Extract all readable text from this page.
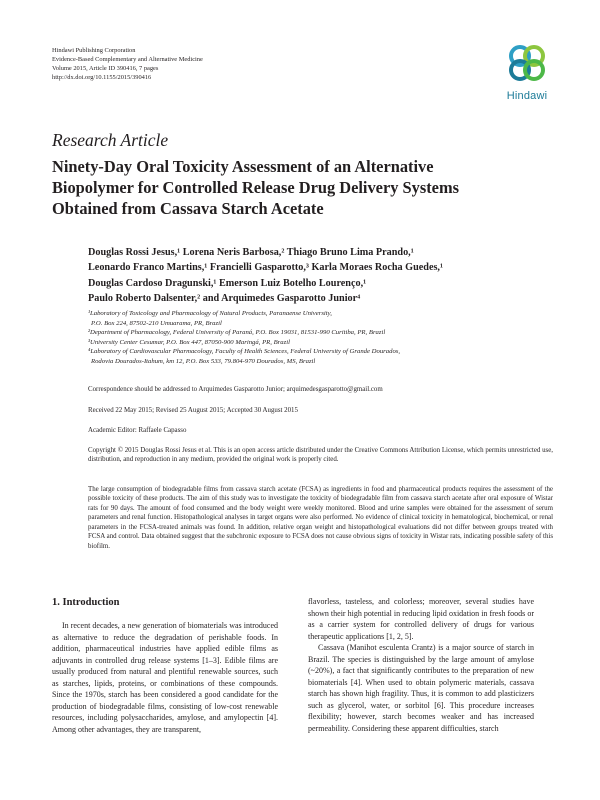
Hindawi Publishing Corporation
Evidence-Based Complementary and Alternative Medicine
Volume 2015, Article ID 390416, 7 pages
http://dx.doi.org/10.1155/2015/390416
Hindawi
Research Article
Ninety-Day Oral Toxicity Assessment of an Alternative
Biopolymer for Controlled Release Drug Delivery Systems
Obtained from Cassava Starch Acetate
Douglas Rossi Jesus,¹ Lorena Neris Barbosa,² Thiago Bruno Lima Prando,¹
Leonardo Franco Martins,¹ Francielli Gasparotto,³ Karla Moraes Rocha Guedes,¹
Douglas Cardoso Dragunski,¹ Emerson Luiz Botelho Lourenço,¹
Paulo Roberto Dalsenter,² and Arquimedes Gasparotto Junior⁴
¹Laboratory of Toxicology and Pharmacology of Natural Products, Paranaense University,
P.O. Box 224, 87502-210 Umuarama, PR, Brazil
²Department of Pharmacology, Federal University of Paraná, P.O. Box 19031, 81531-990 Curitiba, PR, Brazil
³University Center Cesumar, P.O. Box 447, 87050-900 Maringá, PR, Brazil
⁴Laboratory of Cardiovascular Pharmacology, Faculty of Health Sciences, Federal University of Grande Dourados,
Rodovia Dourados-Itahum, km 12, P.O. Box 533, 79.804-970 Dourados, MS, Brazil
Correspondence should be addressed to Arquimedes Gasparotto Junior; arquimedesgasparotto@gmail.com
Received 22 May 2015; Revised 25 August 2015; Accepted 30 August 2015
Academic Editor: Raffaele Capasso
Copyright © 2015 Douglas Rossi Jesus et al. This is an open access article distributed under the Creative Commons Attribution License, which permits unrestricted use, distribution, and reproduction in any medium, provided the original work is properly cited.
The large consumption of biodegradable films from cassava starch acetate (FCSA) as ingredients in food and pharmaceutical products requires the assessment of the possible toxicity of these products. The aim of this study was to investigate the toxicity of biodegradable film from cassava starch acetate after oral exposure of Wistar rats for 90 days. The amount of food consumed and the body weight were weekly monitored. Blood and urine samples were obtained for the assessment of serum parameters and renal function. Histopathological analyses in target organs were also performed. No evidence of clinical toxicity in hematological, biochemical, or renal parameters in the FCSA-treated animals was found. In addition, relative organ weight and histopathological evaluations did not differ between groups treated with FCSA and control. Data obtained suggest that the subchronic exposure to FCSA does not cause obvious signs of toxicity in Wistar rats, indicating possible safety of this biofilm.
1. Introduction

In recent decades, a new generation of biomaterials was introduced as alternative to reduce the degradation of perishable foods. In addition, pharmaceutical industries have applied edible films as adjuvants in controlled drug release systems [1–3]. Edible films are usually produced from natural and plentiful renewable sources, such as starches, lipids, proteins, or combinations of these compounds. Since the 1970s, starch has been considered a good candidate for the production of biodegradable films, consisting of low-cost renewable resources, including polysaccharides, amylose, and amylopectin [4]. Among other advantages, they are transparent,

flavorless, tasteless, and colorless; moreover, several studies have shown their high potential in reducing lipid oxidation in fresh foods or as a carrier system for controlled delivery of drugs for various therapeutic applications [1, 2, 5].

Cassava (Manihot esculenta Crantz) is a major source of starch in Brazil. The species is distinguished by the large amount of amylose (~20%), a fact that significantly contributes to the preparation of new biomaterials [4]. When used to obtain polymeric materials, cassava starch has shown high fragility. Thus, it is common to add plasticizers such as glycerol, water, or sorbitol [6]. This procedure increases flexibility; however, starch becomes weaker and has increased permeability. Considering these apparent difficulties, starch
